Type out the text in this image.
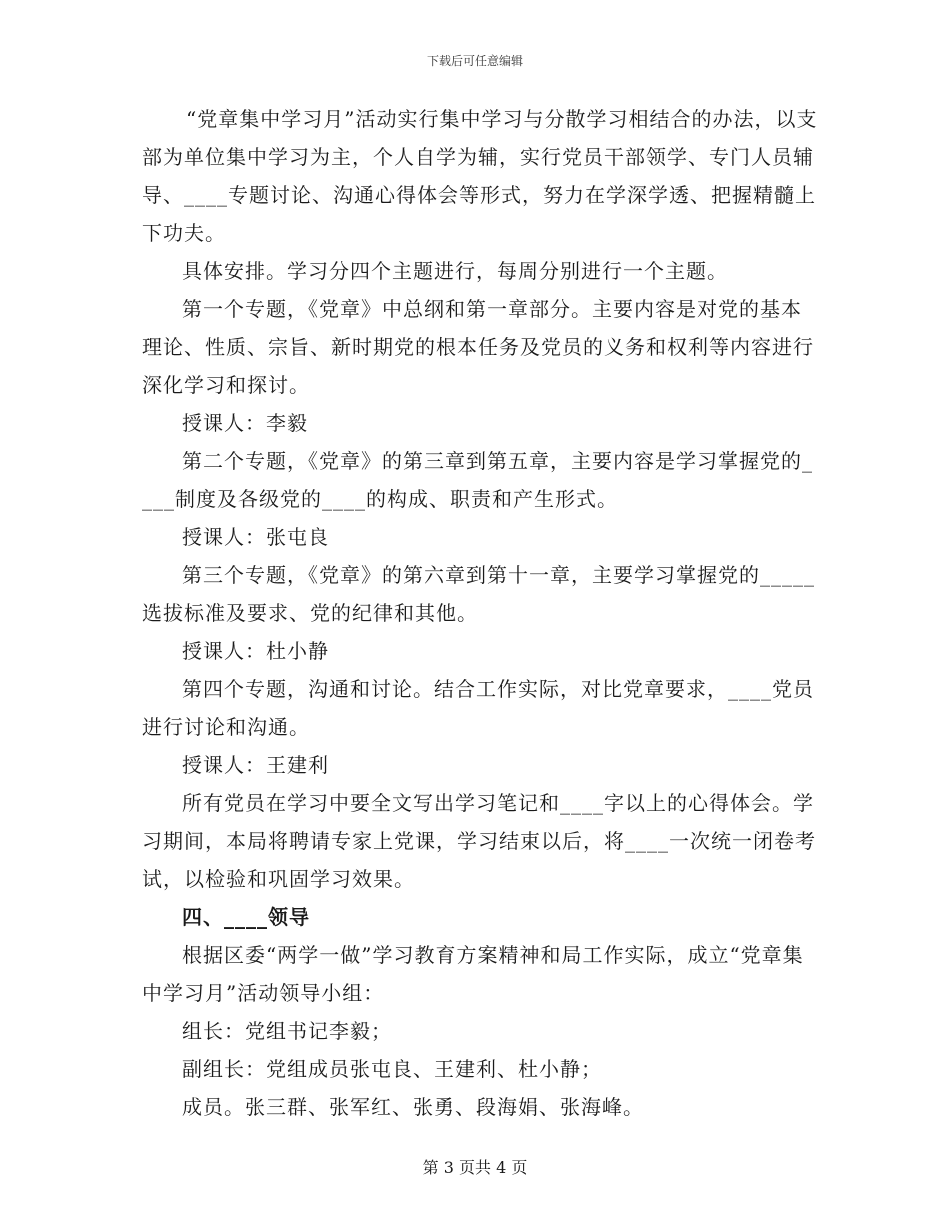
下载后可任意编辑

“党章集中学习月”活动实行集中学习与分散学习相结合的办法，以支部为单位集中学习为主，个人自学为辅，实行党员干部领学、专门人员辅导、____专题讨论、沟通心得体会等形式，努力在学深学透、把握精髓上下功夫。

具体安排。学习分四个主题进行，每周分别进行一个主题。

第一个专题，《党章》中总纲和第一章部分。主要内容是对党的基本理论、性质、宗旨、新时期党的根本任务及党员的义务和权利等内容进行深化学习和探讨。

授课人：李毅

第二个专题，《党章》的第三章到第五章，主要内容是学习掌握党的____制度及各级党的____的构成、职责和产生形式。

授课人：张屯良

第三个专题，《党章》的第六章到第十一章，主要学习掌握党的_____选拔标准及要求、党的纪律和其他。

授课人：杜小静

第四个专题，沟通和讨论。结合工作实际，对比党章要求，____党员进行讨论和沟通。

授课人：王建利

所有党员在学习中要全文写出学习笔记和____字以上的心得体会。学习期间，本局将聘请专家上党课，学习结束以后，将____一次统一闭卷考试，以检验和巩固学习效果。

四、____领导

根据区委“两学一做”学习教育方案精神和局工作实际，成立“党章集中学习月”活动领导小组：

组长：党组书记李毅；

副组长：党组成员张屯良、王建利、杜小静；

成员。张三群、张军红、张勇、段海娟、张海峰。

第 3 页共 4 页
